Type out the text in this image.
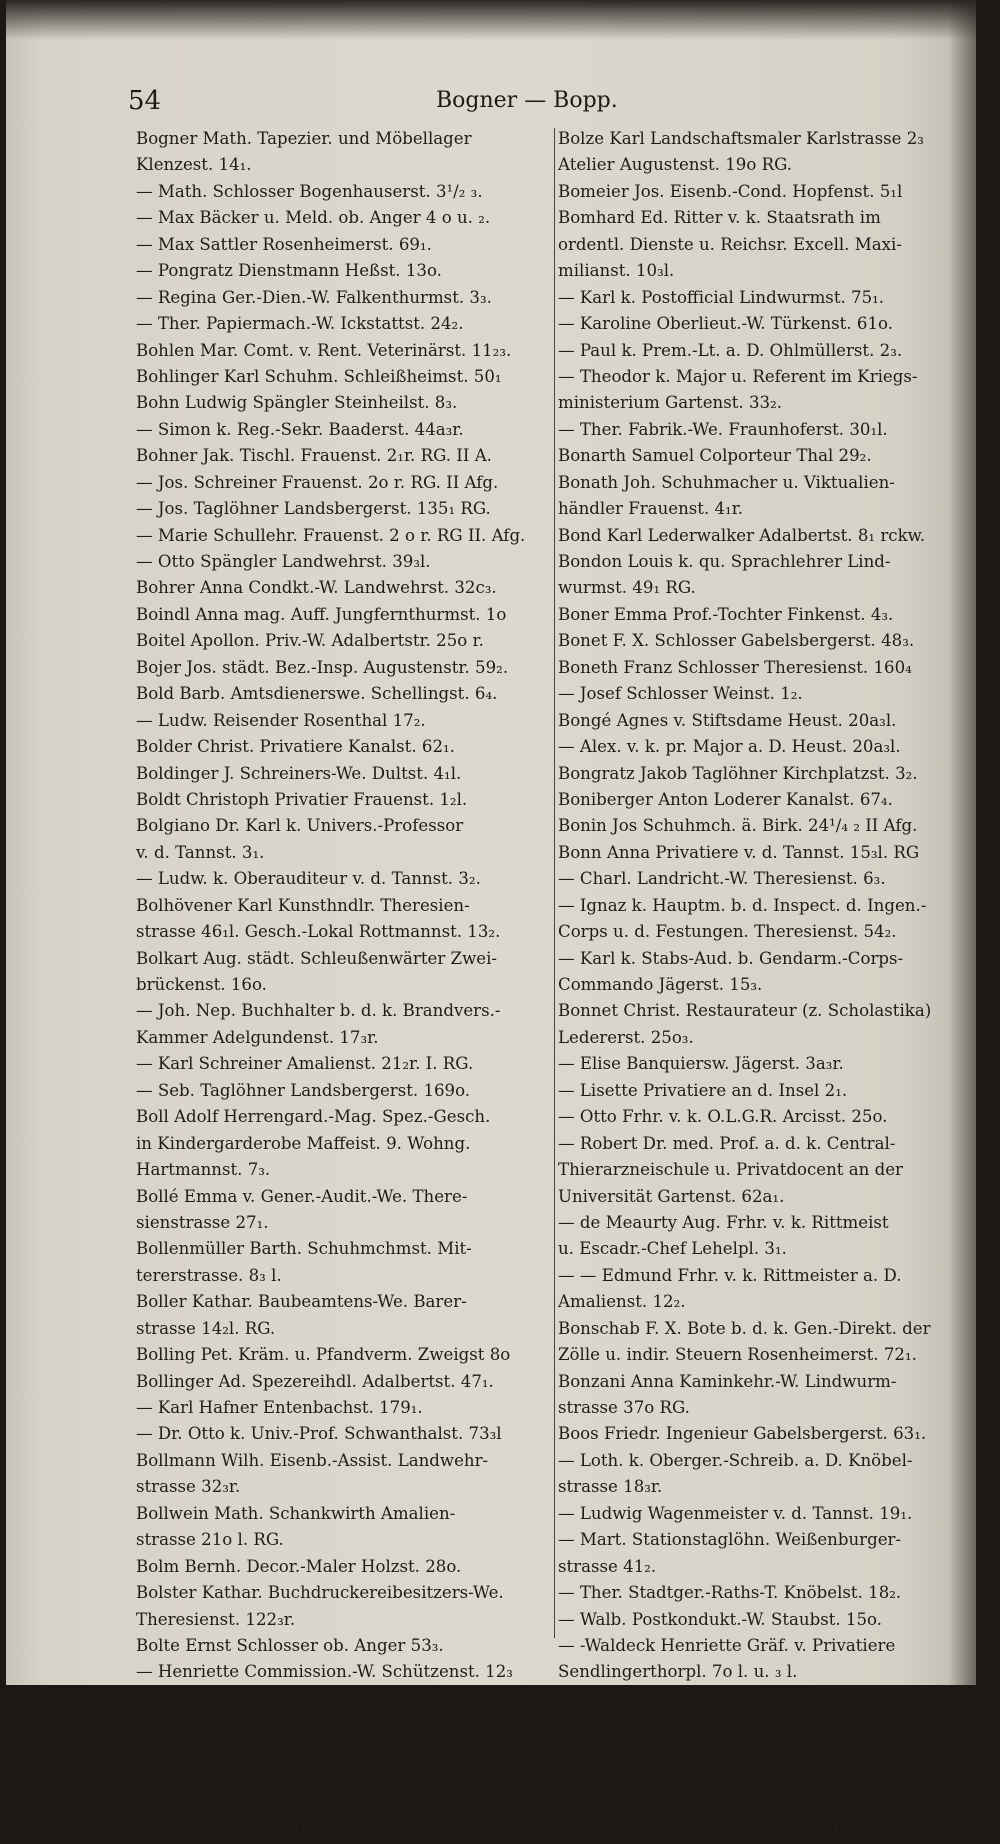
54	Bogner — Bopp.
Bogner Math. Tapezier. und Möbellager
Klenzest. 14₁.
— Math. Schlosser Bogenhauserst. 3¹/₂ ₃.
— Max Bäcker u. Meld. ob. Anger 4 o u. ₂.
— Max Sattler Rosenheimerst. 69₁.
— Pongratz Dienstmann Heßst. 13o.
— Regina Ger.-Dien.-W. Falkenthurmst. 3₃.
— Ther. Papiermach.-W. Ickstattst. 24₂.
Bohlen Mar. Comt. v. Rent. Veterinärst. 11₂₃.
Bohlinger Karl Schuhm. Schleißheimst. 50₁
Bohn Ludwig Spängler Steinheilst. 8₃.
— Simon k. Reg.-Sekr. Baaderst. 44a₃r.
Bohner Jak. Tischl. Frauenst. 2₁r. RG. II A.
— Jos. Schreiner Frauenst. 2o r. RG. II Afg.
— Jos. Taglöhner Landsbergerst. 135₁ RG.
— Marie Schullehr. Frauenst. 2 o r. RG II. Afg.
— Otto Spängler Landwehrst. 39₃l.
Bohrer Anna Condkt.-W. Landwehrst. 32c₃.
Boindl Anna mag. Auff. Jungfernthurmst. 1o
Boitel Apollon. Priv.-W. Adalbertstr. 25o r.
Bojer Jos. städt. Bez.-Insp. Augustenstr. 59₂.
Bold Barb. Amtsdienerswe. Schellingst. 6₄.
— Ludw. Reisender Rosenthal 17₂.
Bolder Christ. Privatiere Kanalst. 62₁.
Boldinger J. Schreiners-We. Dultst. 4₁l.
Boldt Christoph Privatier Frauenst. 1₂l.
Bolgiano Dr. Karl k. Univers.-Professor
v. d. Tannst. 3₁.
— Ludw. k. Oberauditeur v. d. Tannst. 3₂.
Bolhövener Karl Kunsthndlr. Theresien-
strasse 46₁l. Gesch.-Lokal Rottmannst. 13₂.
Bolkart Aug. städt. Schleußenwärter Zwei-
brückenst. 16o.
— Joh. Nep. Buchhalter b. d. k. Brandvers.-
Kammer Adelgundenst. 17₃r.
— Karl Schreiner Amalienst. 21₂r. I. RG.
— Seb. Taglöhner Landsbergerst. 169o.
Boll Adolf Herrengard.-Mag. Spez.-Gesch.
in Kindergarderobe Maffeist. 9. Wohng.
Hartmannst. 7₃.
Bollé Emma v. Gener.-Audit.-We. There-
sienstrasse 27₁.
Bollenmüller Barth. Schuhmchmst. Mit-
tererstrasse. 8₃ l.
Boller Kathar. Baubeamtens-We. Barer-
strasse 14₂l. RG.
Bolling Pet. Kräm. u. Pfandverm. Zweigst 8o
Bollinger Ad. Spezereihdl. Adalbertst. 47₁.
— Karl Hafner Entenbachst. 179₁.
— Dr. Otto k. Univ.-Prof. Schwanthalst. 73₃l
Bollmann Wilh. Eisenb.-Assist. Landwehr-
strasse 32₃r.
Bollwein Math. Schankwirth Amalien-
strasse 21o l. RG.
Bolm Bernh. Decor.-Maler Holzst. 28o.
Bolster Kathar. Buchdruckereibesitzers-We.
Theresienst. 122₃r.
Bolte Ernst Schlosser ob. Anger 53₃.
— Henriette Commission.-W. Schützenst. 12₃
Bolz Cresz. vorm. Weinhndl.-We. z. Ester-
hazykeller Altenhofst. 3₂.
— Ed. Gen.-Dir.-Funct. Sonnenst. 7₁r.
— Erich k. Secondlient. Karlst. 39₃l.
— Franz Gärtner Theresienst. 75₃.
— Heinrich k. Forstmeister a. D. Karlst. 39₂l.
Bolze Karl Landschaftsmaler Karlstrasse 2₃
Atelier Augustenst. 19o RG.
Bomeier Jos. Eisenb.-Cond. Hopfenst. 5₁l
Bomhard Ed. Ritter v. k. Staatsrath im
ordentl. Dienste u. Reichsr. Excell. Maxi-
milianst. 10₃l.
— Karl k. Postofficial Lindwurmst. 75₁.
— Karoline Oberlieut.-W. Türkenst. 61o.
— Paul k. Prem.-Lt. a. D. Ohlmüllerst. 2₃.
— Theodor k. Major u. Referent im Kriegs-
ministerium Gartenst. 33₂.
— Ther. Fabrik.-We. Fraunhoferst. 30₁l.
Bonarth Samuel Colporteur Thal 29₂.
Bonath Joh. Schuhmacher u. Viktualien-
händler Frauenst. 4₁r.
Bond Karl Lederwalker Adalbertst. 8₁ rckw.
Bondon Louis k. qu. Sprachlehrer Lind-
wurmst. 49₁ RG.
Boner Emma Prof.-Tochter Finkenst. 4₃.
Bonet F. X. Schlosser Gabelsbergerst. 48₃.
Boneth Franz Schlosser Theresienst. 160₄
— Josef Schlosser Weinst. 1₂.
Bongé Agnes v. Stiftsdame Heust. 20a₃l.
— Alex. v. k. pr. Major a. D. Heust. 20a₃l.
Bongratz Jakob Taglöhner Kirchplatzst. 3₂.
Boniberger Anton Loderer Kanalst. 67₄.
Bonin Jos Schuhmch. ä. Birk. 24¹/₄ ₂ II Afg.
Bonn Anna Privatiere v. d. Tannst. 15₃l. RG
— Charl. Landricht.-W. Theresienst. 6₃.
— Ignaz k. Hauptm. b. d. Inspect. d. Ingen.-
Corps u. d. Festungen. Theresienst. 54₂.
— Karl k. Stabs-Aud. b. Gendarm.-Corps-
Commando Jägerst. 15₃.
Bonnet Christ. Restaurateur (z. Scholastika)
Ledererst. 25o₃.
— Elise Banquiersw. Jägerst. 3a₃r.
— Lisette Privatiere an d. Insel 2₁.
— Otto Frhr. v. k. O.L.G.R. Arcisst. 25o.
— Robert Dr. med. Prof. a. d. k. Central-
Thierarzneischule u. Privatdocent an der
Universität Gartenst. 62a₁.
— de Meaurty Aug. Frhr. v. k. Rittmeist
u. Escadr.-Chef Lehelpl. 3₁.
— — Edmund Frhr. v. k. Rittmeister a. D.
Amalienst. 12₂.
Bonschab F. X. Bote b. d. k. Gen.-Direkt. der
Zölle u. indir. Steuern Rosenheimerst. 72₁.
Bonzani Anna Kaminkehr.-W. Lindwurm-
strasse 37o RG.
Boos Friedr. Ingenieur Gabelsbergerst. 63₁.
— Loth. k. Oberger.-Schreib. a. D. Knöbel-
strasse 18₃r.
— Ludwig Wagenmeister v. d. Tannst. 19₁.
— Mart. Stationstaglöhn. Weißenburger-
strasse 41₂.
— Ther. Stadtger.-Raths-T. Knöbelst. 18₂.
— Walb. Postkondukt.-W. Staubst. 15o.
— -Waldeck Henriette Gräf. v. Privatiere
Sendlingerthorpl. 7o l. u. ₃ l.
Bootz Christ. Schreiner Schellingst. 123₁.
— Leonh. k. Zeughauptm. a. D. Schellingst 55
Bopp Anton chirurg. Instrumentenmacher
Josefspitalst. 2₂.
— Aug. Instrumentenmach. Plätzchen 4₃.
— Heinrich Eisendreher Jahnst. 11o.
